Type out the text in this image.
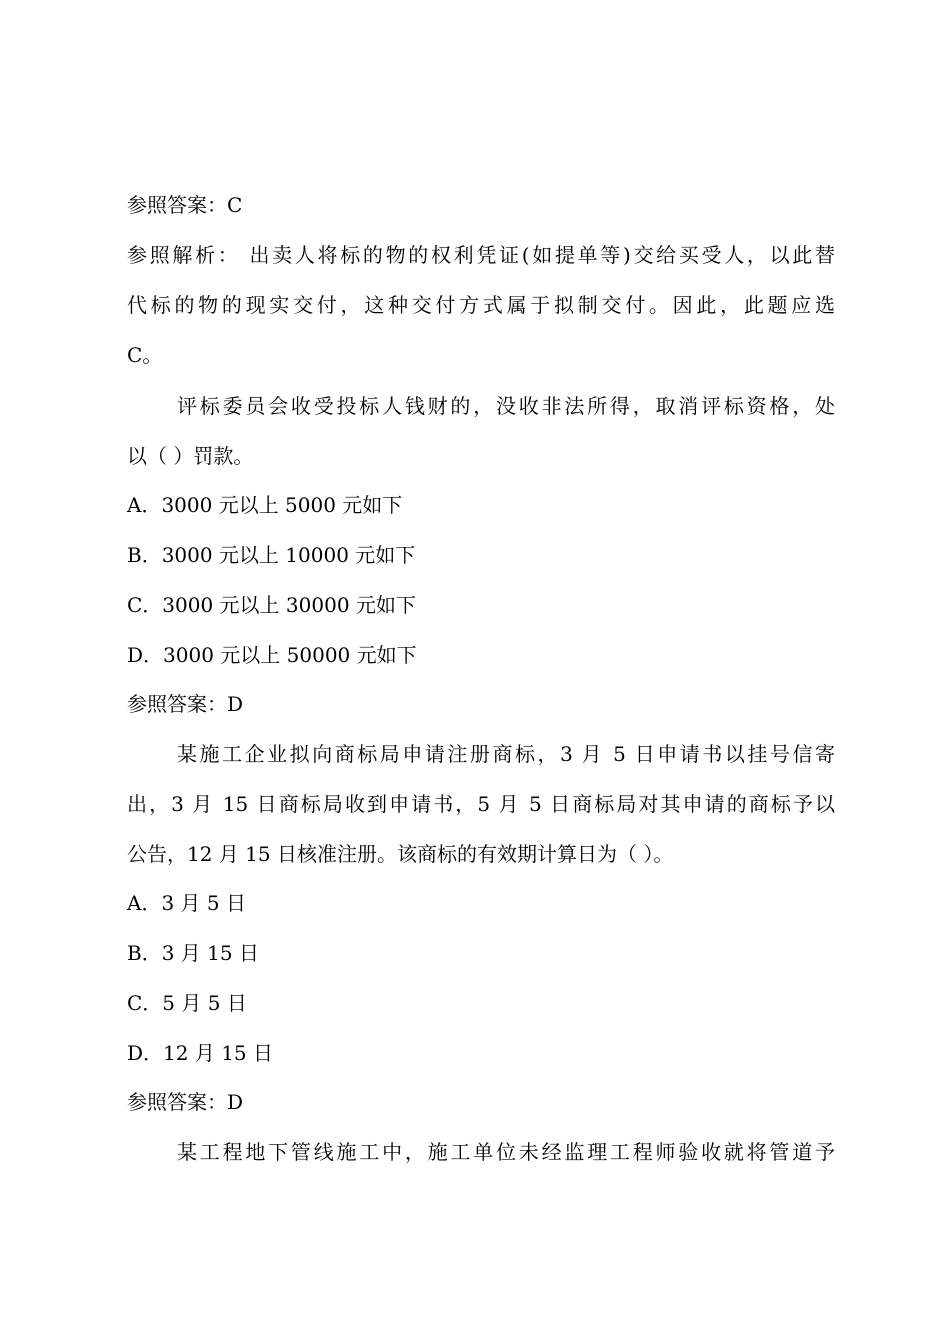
参照答案：C
参照解析： 出卖人将标的物的权利凭证(如提单等)交给买受人，以此替
代标的物的现实交付，这种交付方式属于拟制交付。因此，此题应选
C。
评标委员会收受投标人钱财的，没收非法所得，取消评标资格，处
以（ ）罚款。
A．3000 元以上 5000 元如下
B．3000 元以上 10000 元如下
C．3000 元以上 30000 元如下
D．3000 元以上 50000 元如下
参照答案：D
某施工企业拟向商标局申请注册商标，3 月 5 日申请书以挂号信寄
出，3 月 15 日商标局收到申请书，5 月 5 日商标局对其申请的商标予以
公告，12 月 15 日核准注册。该商标的有效期计算日为（ ）。
A．3 月 5 日
B．3 月 15 日
C．5 月 5 日
D．12 月 15 日
参照答案：D
某工程地下管线施工中，施工单位未经监理工程师验收就将管道予
